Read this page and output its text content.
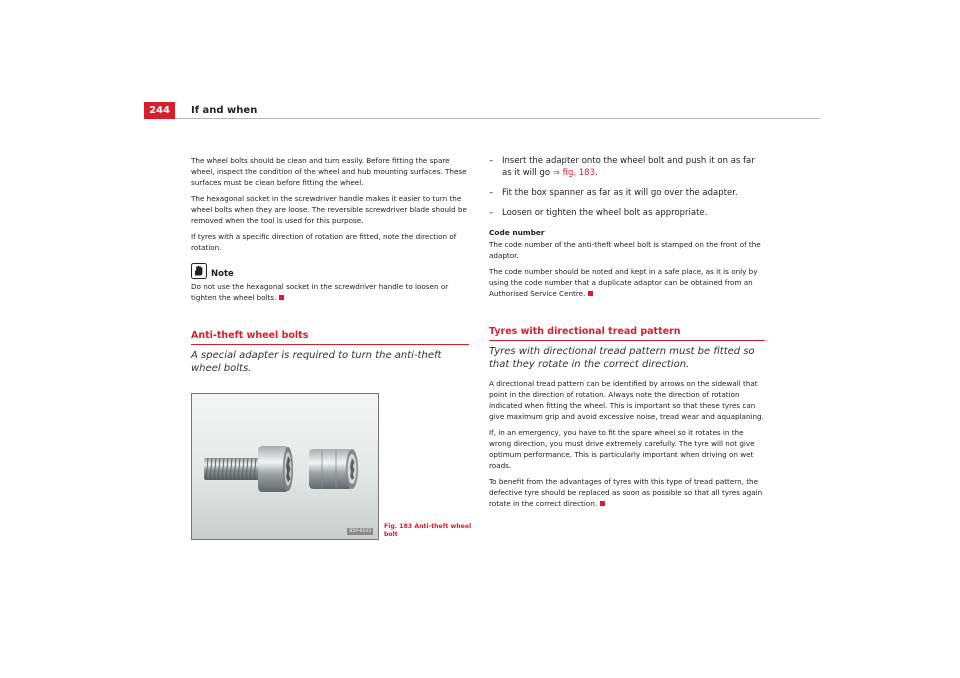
244	If and when

The wheel bolts should be clean and turn easily. Before fitting the spare wheel, inspect the condition of the wheel and hub mounting surfaces. These surfaces must be clean before fitting the wheel.

The hexagonal socket in the screwdriver handle makes it easier to turn the wheel bolts when they are loose. The reversible screwdriver blade should be removed when the tool is used for this purpose.

If tyres with a specific direction of rotation are fitted, note the direction of rotation.

Note

Do not use the hexagonal socket in the screwdriver handle to loosen or tighten the wheel bolts.

Anti-theft wheel bolts
A special adapter is required to turn the anti-theft wheel bolts.
B5P-0103
Fig. 183 Anti-theft wheel bolt
–	Insert the adapter onto the wheel bolt and push it on as far as it will go ⇒ fig. 183.
–	Fit the box spanner as far as it will go over the adapter.
–	Loosen or tighten the wheel bolt as appropriate.
Code number

The code number of the anti-theft wheel bolt is stamped on the front of the adaptor.

The code number should be noted and kept in a safe place, as it is only by using the code number that a duplicate adaptor can be obtained from an Authorised Service Centre.

Tyres with directional tread pattern
Tyres with directional tread pattern must be fitted so that they rotate in the correct direction.

A directional tread pattern can be identified by arrows on the sidewall that point in the direction of rotation. Always note the direction of rotation indicated when fitting the wheel. This is important so that these tyres can give maximum grip and avoid excessive noise, tread wear and aquaplaning.

If, in an emergency, you have to fit the spare wheel so it rotates in the wrong direction, you must drive extremely carefully. The tyre will not give optimum performance. This is particularly important when driving on wet roads.

To benefit from the advantages of tyres with this type of tread pattern, the defective tyre should be replaced as soon as possible so that all tyres again rotate in the correct direction.
